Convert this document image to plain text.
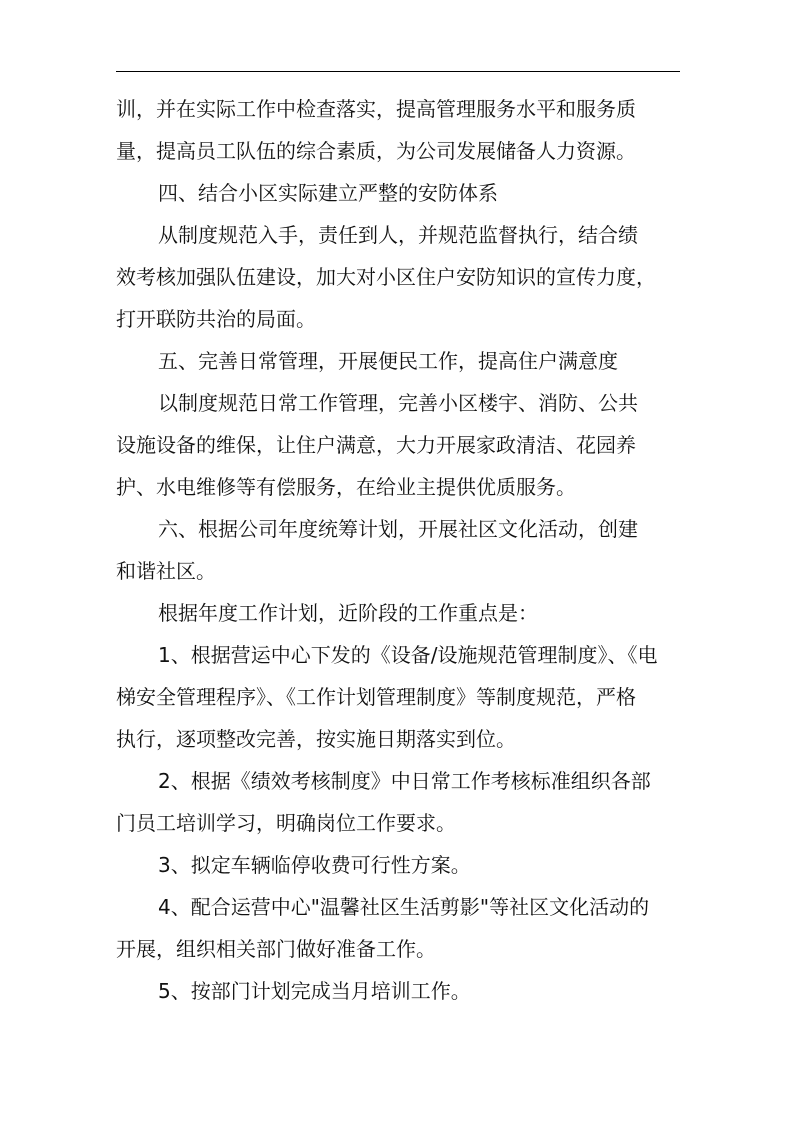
训，并在实际工作中检查落实，提高管理服务水平和服务质
量，提高员工队伍的综合素质，为公司发展储备人力资源。
四、结合小区实际建立严整的安防体系
从制度规范入手，责任到人，并规范监督执行，结合绩
效考核加强队伍建设，加大对小区住户安防知识的宣传力度，
打开联防共治的局面。
五、完善日常管理，开展便民工作，提高住户满意度
以制度规范日常工作管理，完善小区楼宇、消防、公共
设施设备的维保，让住户满意，大力开展家政清洁、花园养
护、水电维修等有偿服务，在给业主提供优质服务。
六、根据公司年度统筹计划，开展社区文化活动，创建
和谐社区。
根据年度工作计划，近阶段的工作重点是：
1、根据营运中心下发的《设备/设施规范管理制度》、《电
梯安全管理程序》、《工作计划管理制度》等制度规范，严格
执行，逐项整改完善，按实施日期落实到位。
2、根据《绩效考核制度》中日常工作考核标准组织各部
门员工培训学习，明确岗位工作要求。
3、拟定车辆临停收费可行性方案。
4、配合运营中心"温馨社区生活剪影"等社区文化活动的
开展，组织相关部门做好准备工作。
5、按部门计划完成当月培训工作。
